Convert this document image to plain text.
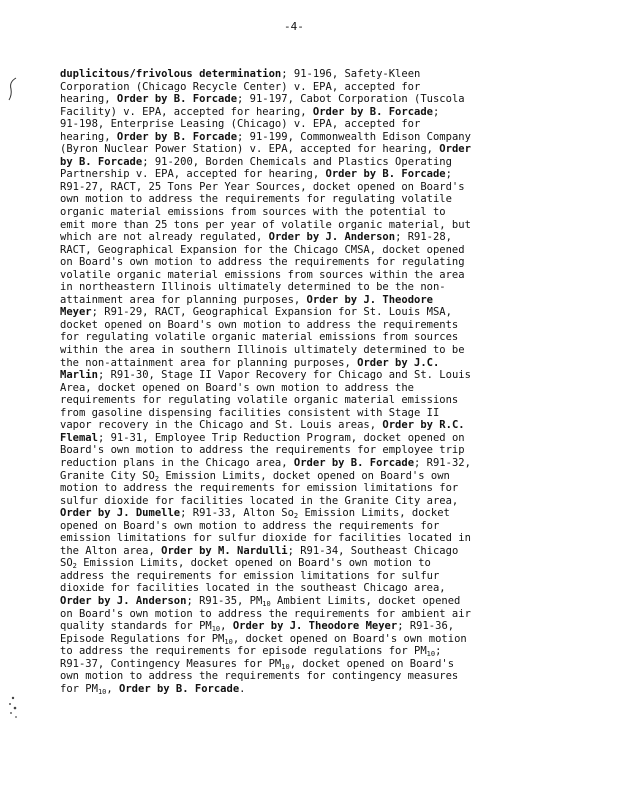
-4-
duplicitous/frivolous determination; 91-196, Safety-Kleen
Corporation (Chicago Recycle Center) v. EPA, accepted for
hearing, Order by B. Forcade; 91-197, Cabot Corporation (Tuscola
Facility) v. EPA, accepted for hearing, Order by B. Forcade;
91-198, Enterprise Leasing (Chicago) v. EPA, accepted for
hearing, Order by B. Forcade; 91-199, Commonwealth Edison Company
(Byron Nuclear Power Station) v. EPA, accepted for hearing, Order
by B. Forcade; 91-200, Borden Chemicals and Plastics Operating
Partnership v. EPA, accepted for hearing, Order by B. Forcade;
R91-27, RACT, 25 Tons Per Year Sources, docket opened on Board's
own motion to address the requirements for regulating volatile
organic material emissions from sources with the potential to
emit more than 25 tons per year of volatile organic material, but
which are not already regulated, Order by J. Anderson; R91-28,
RACT, Geographical Expansion for the Chicago CMSA, docket opened
on Board's own motion to address the requirements for regulating
volatile organic material emissions from sources within the area
in northeastern Illinois ultimately determined to be the non-
attainment area for planning purposes, Order by J. Theodore
Meyer; R91-29, RACT, Geographical Expansion for St. Louis MSA,
docket opened on Board's own motion to address the requirements
for regulating volatile organic material emissions from sources
within the area in southern Illinois ultimately determined to be
the non-attainment area for planning purposes, Order by J.C.
Marlin; R91-30, Stage II Vapor Recovery for Chicago and St. Louis
Area, docket opened on Board's own motion to address the
requirements for regulating volatile organic material emissions
from gasoline dispensing facilities consistent with Stage II
vapor recovery in the Chicago and St. Louis areas, Order by R.C.
Flemal; 91-31, Employee Trip Reduction Program, docket opened on
Board's own motion to address the requirements for employee trip
reduction plans in the Chicago area, Order by B. Forcade; R91-32,
Granite City $SO_2$ Emission Limits, docket opened on Board's own
motion to address the requirements for emission limitations for
sulfur dioxide for facilities located in the Granite City area,
Order by J. Dumelle; R91-33, Alton $So_2$ Emission Limits, docket
opened on Board's own motion to address the requirements for
emission limitations for sulfur dioxide for facilities located in
the Alton area, Order by M. Nardulli; R91-34, Southeast Chicago
$SO_2$ Emission Limits, docket opened on Board's own motion to
address the requirements for emission limitations for sulfur
dioxide for facilities located in the southeast Chicago area,
Order by J. Anderson; R91-35, $PM_{10}$ Ambient Limits, docket opened
on Board's own motion to address the requirements for ambient air
quality standards for $PM_{10}$, Order by J. Theodore Meyer; R91-36,
Episode Regulations for $PM_{10}$, docket opened on Board's own motion
to address the requirements for episode regulations for $PM_{10}$;
R91-37, Contingency Measures for $PM_{10}$, docket opened on Board's
own motion to address the requirements for contingency measures
for $PM_{10}$, Order by B. Forcade.
